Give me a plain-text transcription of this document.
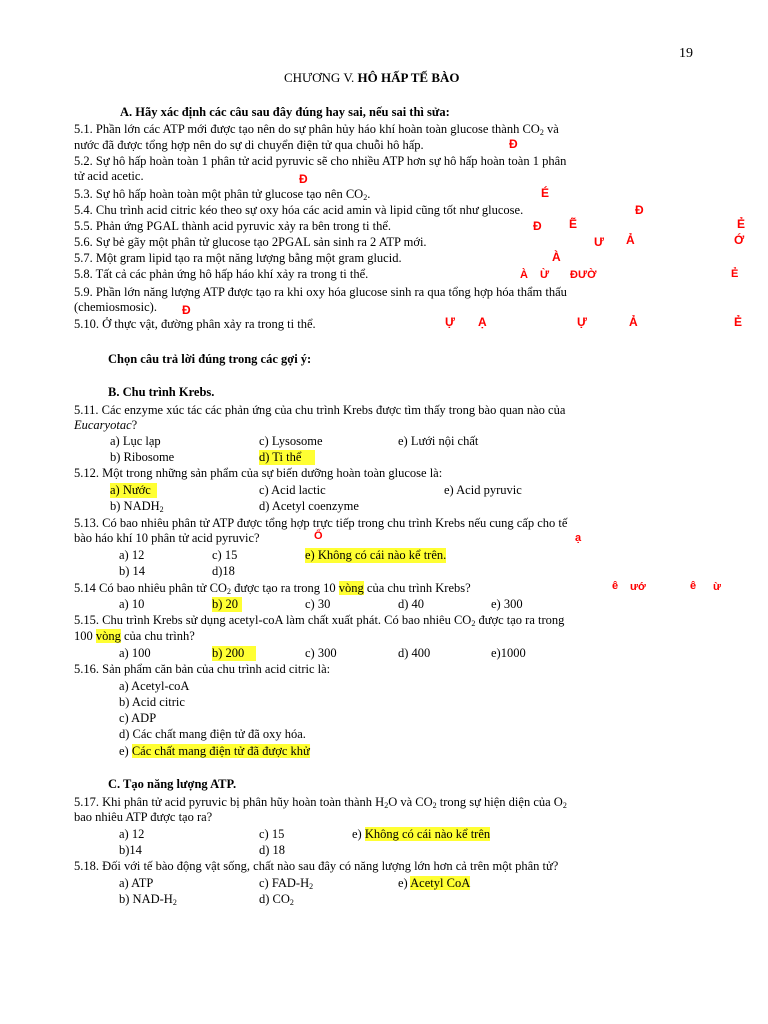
19
CHƯƠNG V. HÔ HẤP TẾ BÀO
A. Hãy xác định các câu sau đây đúng hay sai, nếu sai thì sửa:
5.1. Phần lớn các ATP mới được tạo nên do sự phân hủy háo khí hoàn toàn glucose thành $CO_2$ và
nước đã được tổng hợp nên do sự di chuyển điện tử qua chuỗi hô hấp.	Đ
5.2. Sự hô hấp hoàn toàn 1 phân tử acid pyruvic sẽ cho nhiều ATP hơn sự hô hấp hoàn toàn 1 phân
tử acid acetic.	Đ
É
5.3. Sự hô hấp hoàn toàn một phân tử glucose tạo nên $CO_2$.
5.4. Chu trình acid citric kéo theo sự oxy hóa các acid amin và lipid cũng tốt như glucose.	Đ
5.5. Phản ứng PGAL thành acid pyruvic xảy ra bên trong ti thể.	Đ Ẽ	Ẻ
5.6. Sự bẻ gãy một phân tử glucose tạo 2PGAL sản sinh ra 2 ATP mới.	Ư Ả	Ớ
À
5.7. Một gram lipid tạo ra một năng lượng bằng một gram glucid.
5.8. Tất cả các phản ứng hô hấp háo khí xảy ra trong ti thể.	À Ừ ĐƯỜ	Ẻ
5.9. Phần lớn năng lượng ATP được tạo ra khi oxy hóa glucose sinh ra qua tổng hợp hóa thẩm thấu
(chemiosmosic). Đ
5.10. Ở thực vật, đường phân xảy ra trong ti thể.	Ự Ạ	Ự	Ả	Ẻ
Chọn câu trả lời đúng trong các gợi ý:
B. Chu trình Krebs.
5.11. Các enzyme xúc tác các phản ứng của chu trình Krebs được tìm thấy trong bào quan nào của
Eucaryotac?
a) Lục lạp	c) Lysosome	e) Lưới nội chất
b) Ribosome	d) Ti thể
5.12. Một trong những sản phẩm của sự biến dưỡng hoàn toàn glucose là:
a) Nước	c) Acid lactic	e) Acid pyruvic
b) $NADH_2$	d) Acetyl coenzyme
5.13. Có bao nhiêu phân tử ATP được tổng hợp trực tiếp trong chu trình Krebs nếu cung cấp cho tế
bào háo khí 10 phân tử acid pyruvic?	Ổ	ạ
a) 12	c) 15	e) Không có cái nào kể trên.
b) 14	d)18
5.14 Có bao nhiêu phân tử $CO_2$ được tạo ra trong 10 vòng của chu trình Krebs?	ê ướ	ê ừ
a) 10	b) 20	c) 30	d) 40	e) 300
5.15. Chu trình Krebs sử dụng acetyl-coA làm chất xuất phát. Có bao nhiêu $CO_2$ được tạo ra trong
100 vòng của chu trình?
a) 100	b) 200	c) 300	d) 400	e)1000
5.16. Sản phẩm căn bản của chu trình acid citric là:
a) Acetyl-coA
b) Acid citric
c) ADP
d) Các chất mang điện tử đã oxy hóa.
e) Các chất mang điện tử đã được khử
C. Tạo năng lượng ATP.
5.17. Khi phân tử acid pyruvic bị phân hũy hoàn toàn thành $H_2O$ và $CO_2$ trong sự hiện diện của $O_2$
bao nhiêu ATP được tạo ra?
a) 12	c) 15	e) Không có cái nào kể trên
b)14	d) 18
5.18. Đối với tế bào động vật sống, chất nào sau đây có năng lượng lớn hơn cả trên một phân tử?
a) ATP	c) FAD-$H_2$	e) Acetyl CoA
b) NAD-$H_2$	d) $CO_2$
